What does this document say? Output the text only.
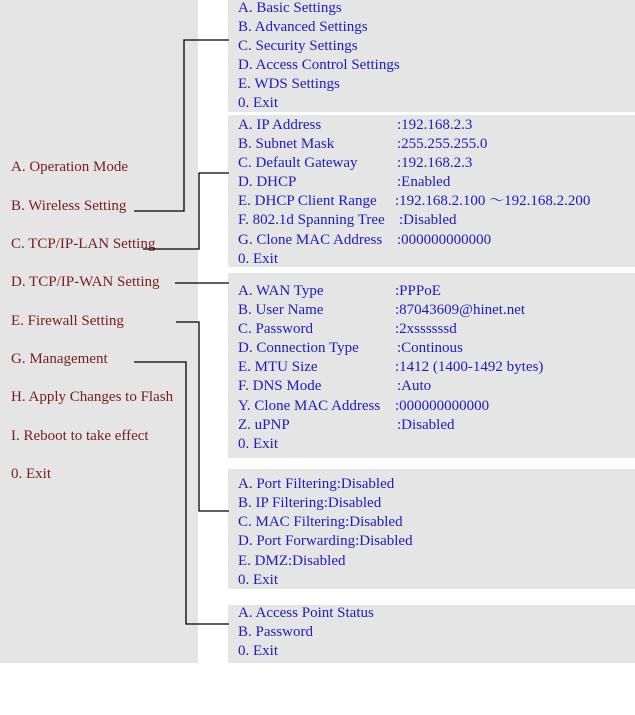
A. Operation Mode
B. Wireless Setting
C. TCP/IP-LAN Setting
D. TCP/IP-WAN Setting
E. Firewall Setting
G. Management
H. Apply Changes to Flash
I. Reboot to take effect
0. Exit
A. Basic Settings
B. Advanced Settings
C. Security Settings
D. Access Control Settings
E. WDS Settings
0. Exit
A. IP Address	:192.168.2.3
B. Subnet Mask	:255.255.255.0
C. Default Gateway	:192.168.2.3
D. DHCP	:Enabled
E. DHCP Client Range :192.168.2.100 ～192.168.2.200
F. 802.1d Spanning Tree :Disabled
G. Clone MAC Address :000000000000
0. Exit
A. WAN Type	:PPPoE
B. User Name	:87043609@hinet.net
C. Password	:2xssssssd
D. Connection Type	:Continous
E. MTU Size	:1412 (1400-1492 bytes)
F. DNS Mode	:Auto
Y. Clone MAC Address :000000000000
Z. uPNP	:Disabled
0. Exit
A. Port Filtering:Disabled
B. IP Filtering:Disabled
C. MAC Filtering:Disabled
D. Port Forwarding:Disabled
E. DMZ:Disabled
0. Exit
A. Access Point Status
B. Password
0. Exit
